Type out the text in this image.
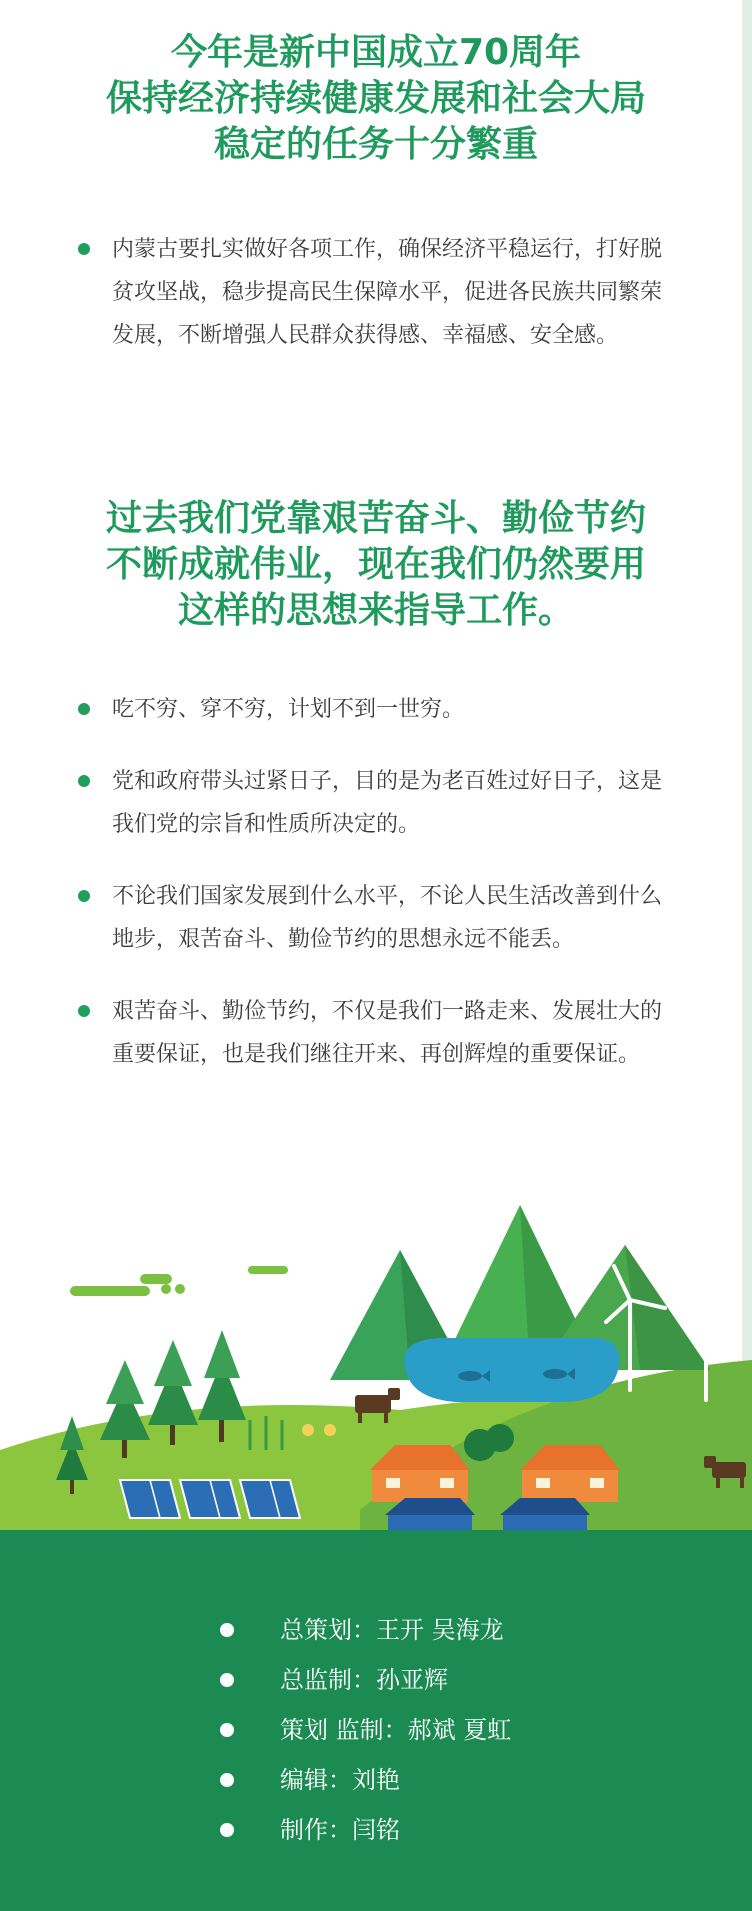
今年是新中国成立70周年
保持经济持续健康发展和社会大局
稳定的任务十分繁重
内蒙古要扎实做好各项工作，确保经济平稳运行，打好脱贫攻坚战，稳步提高民生保障水平，促进各民族共同繁荣发展，不断增强人民群众获得感、幸福感、安全感。
过去我们党靠艰苦奋斗、勤俭节约
不断成就伟业，现在我们仍然要用
这样的思想来指导工作。
吃不穷、穿不穷，计划不到一世穷。
党和政府带头过紧日子，目的是为老百姓过好日子，这是我们党的宗旨和性质所决定的。
不论我们国家发展到什么水平，不论人民生活改善到什么地步，艰苦奋斗、勤俭节约的思想永远不能丢。
艰苦奋斗、勤俭节约，不仅是我们一路走来、发展壮大的重要保证，也是我们继往开来、再创辉煌的重要保证。
总策划：王开 吴海龙
总监制：孙亚辉
策划 监制：郝斌 夏虹
编辑：刘艳
制作：闫铭
